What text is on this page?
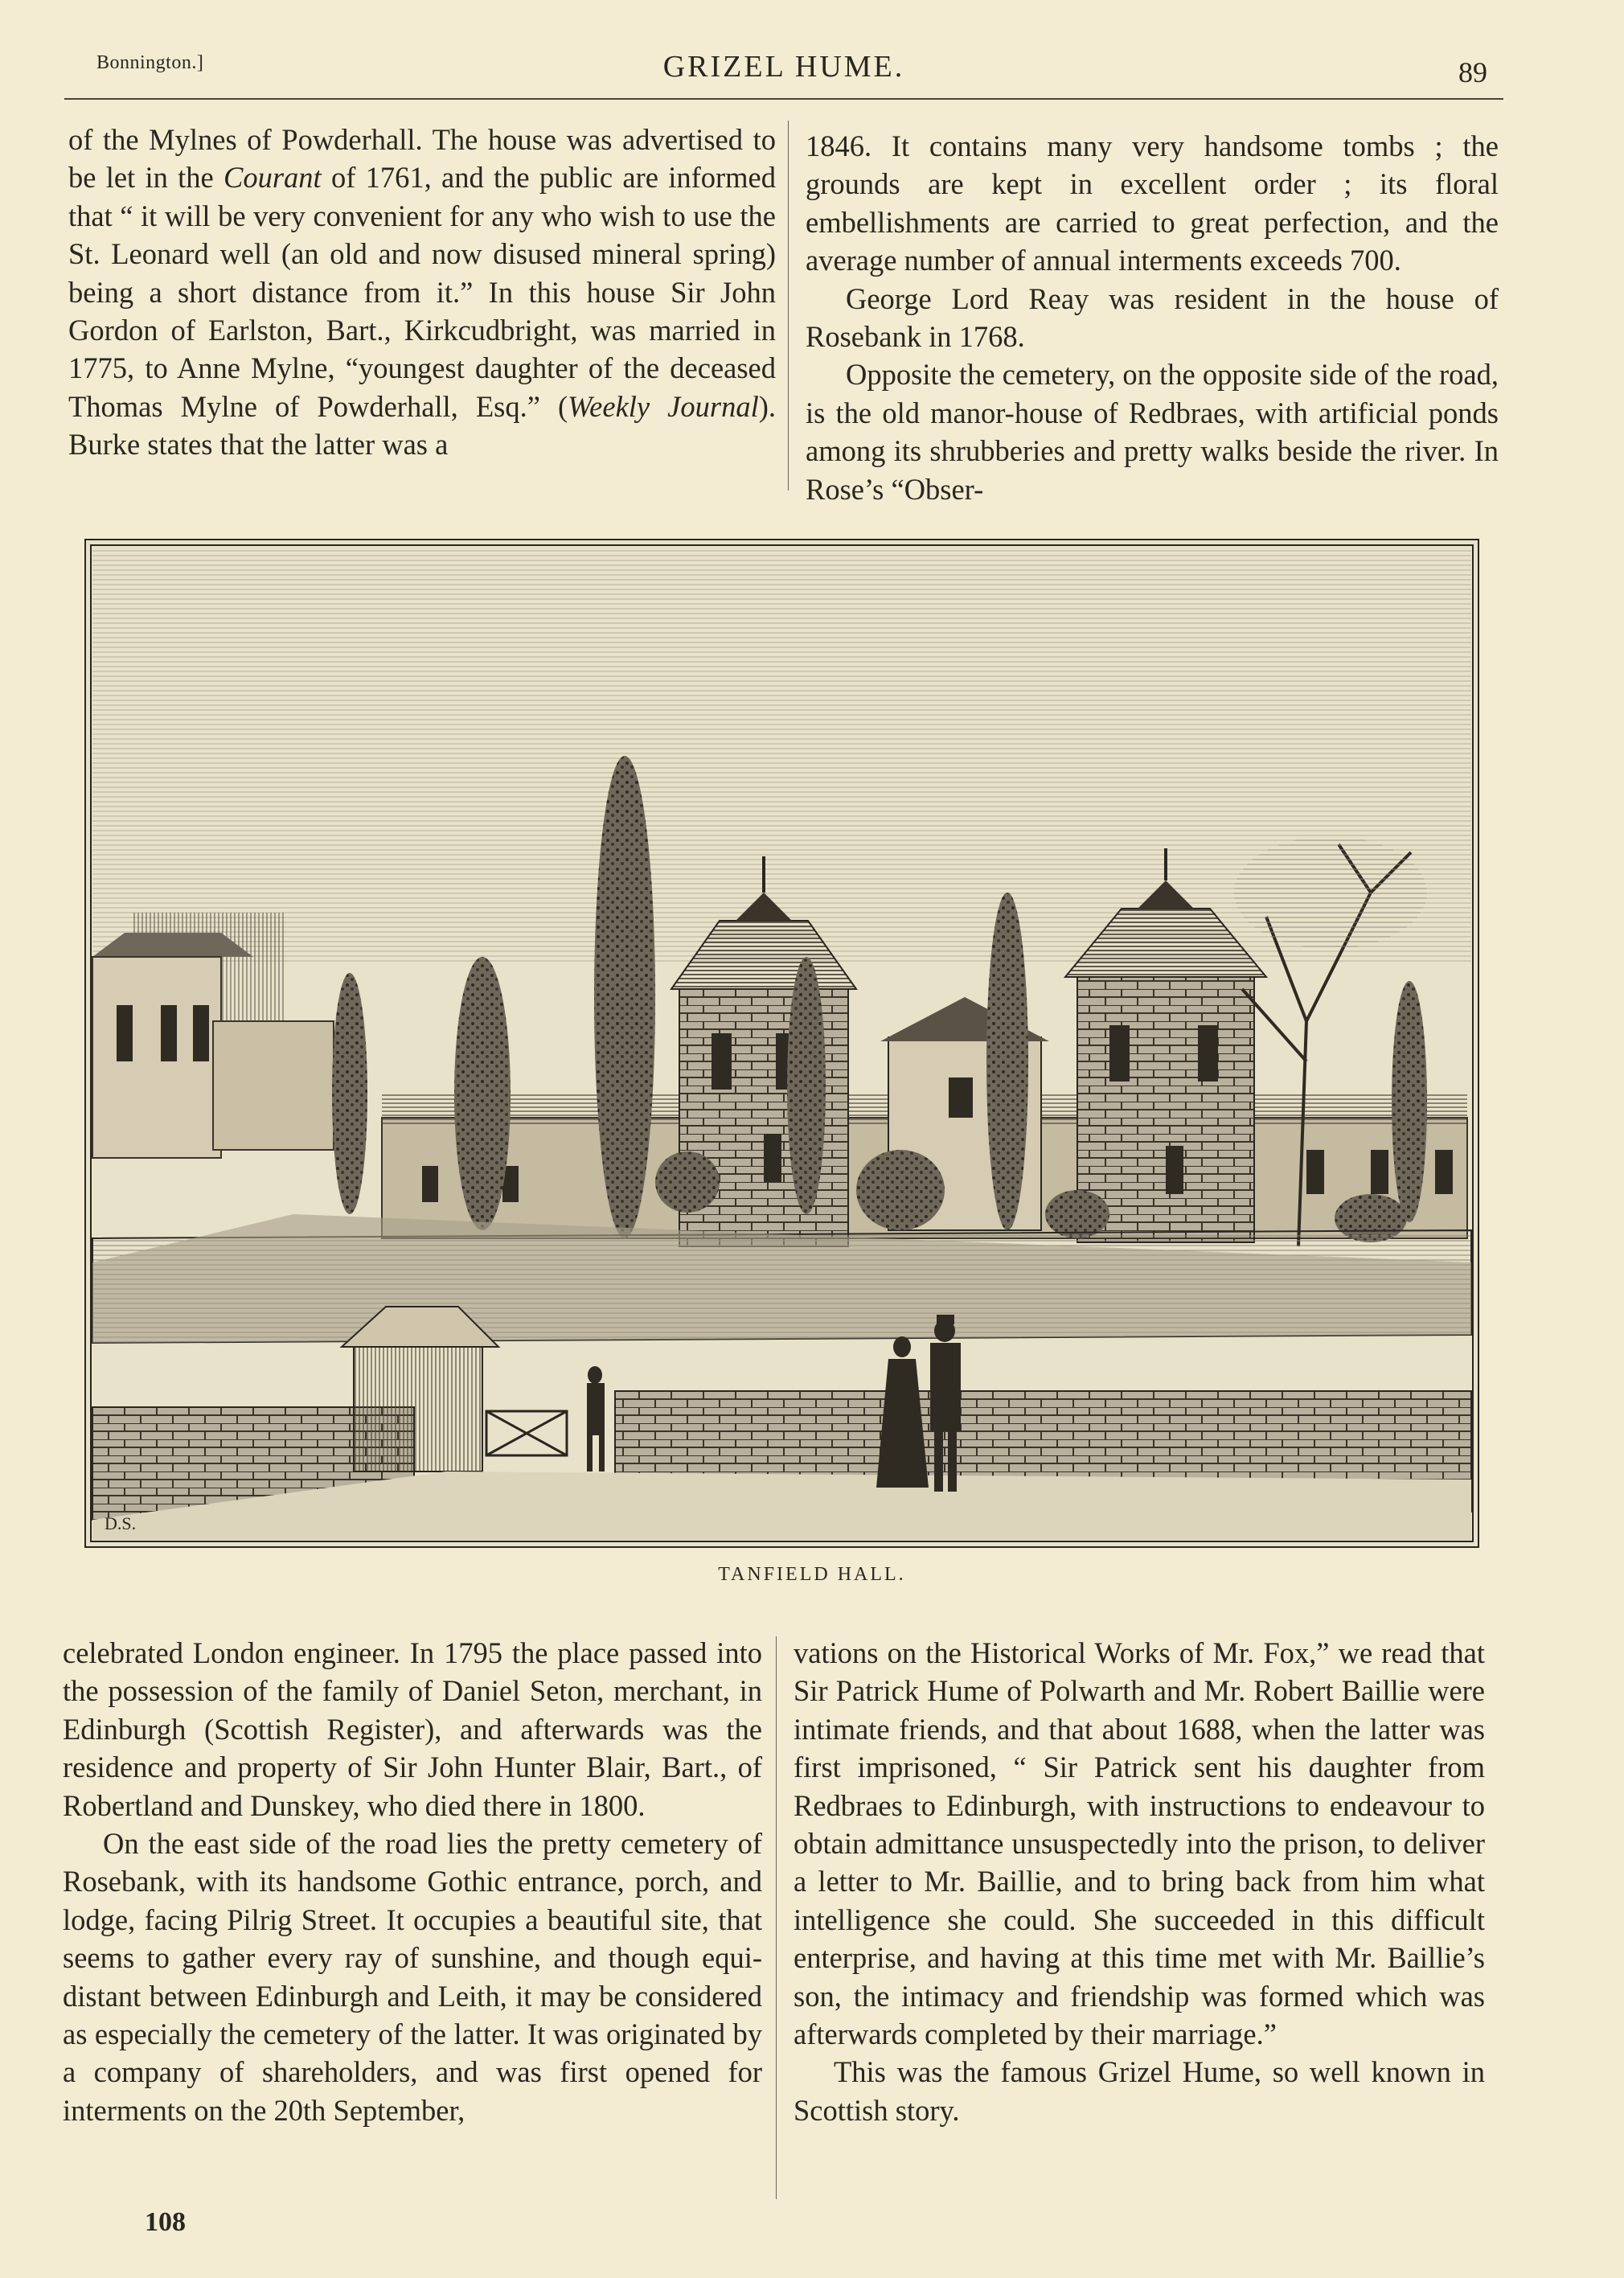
Bonnington.]	GRIZEL HUME.	89

of the Mylnes of Powderhall. The house was advertised to be let in the Courant of 1761, and the public are informed that “ it will be very convenient for any who wish to use the St. Leonard well (an old and now disused mineral spring) being a short distance from it.” In this house Sir John Gordon of Earlston, Bart., Kirkcudbright, was married in 1775, to Anne Mylne, “youngest daughter of the deceased Thomas Mylne of Powderhall, Esq.” (Weekly Journal). Burke states that the latter was a

1846. It contains many very handsome tombs ; the grounds are kept in excellent order ; its floral embellishments are carried to great perfection, and the average number of annual interments exceeds 700.

George Lord Reay was resident in the house of Rosebank in 1768.

Opposite the cemetery, on the opposite side of the road, is the old manor-house of Redbraes, with artificial ponds among its shrubberies and pretty walks beside the river. In Rose’s “Obser-

D.S.
TANFIELD HALL.

celebrated London engineer. In 1795 the place passed into the possession of the family of Daniel Seton, merchant, in Edinburgh (Scottish Register), and afterwards was the residence and property of Sir John Hunter Blair, Bart., of Robertland and Dunskey, who died there in 1800.

On the east side of the road lies the pretty cemetery of Rosebank, with its handsome Gothic entrance, porch, and lodge, facing Pilrig Street. It occupies a beautiful site, that seems to gather every ray of sunshine, and though equi-distant between Edinburgh and Leith, it may be considered as especially the cemetery of the latter. It was originated by a company of shareholders, and was first opened for interments on the 20th September,

vations on the Historical Works of Mr. Fox,” we read that Sir Patrick Hume of Polwarth and Mr. Robert Baillie were intimate friends, and that about 1688, when the latter was first imprisoned, “ Sir Patrick sent his daughter from Redbraes to Edinburgh, with instructions to endeavour to obtain admittance unsuspectedly into the prison, to deliver a letter to Mr. Baillie, and to bring back from him what intelligence she could. She succeeded in this difficult enterprise, and having at this time met with Mr. Baillie’s son, the intimacy and friendship was formed which was afterwards completed by their marriage.”

This was the famous Grizel Hume, so well known in Scottish story.

108
